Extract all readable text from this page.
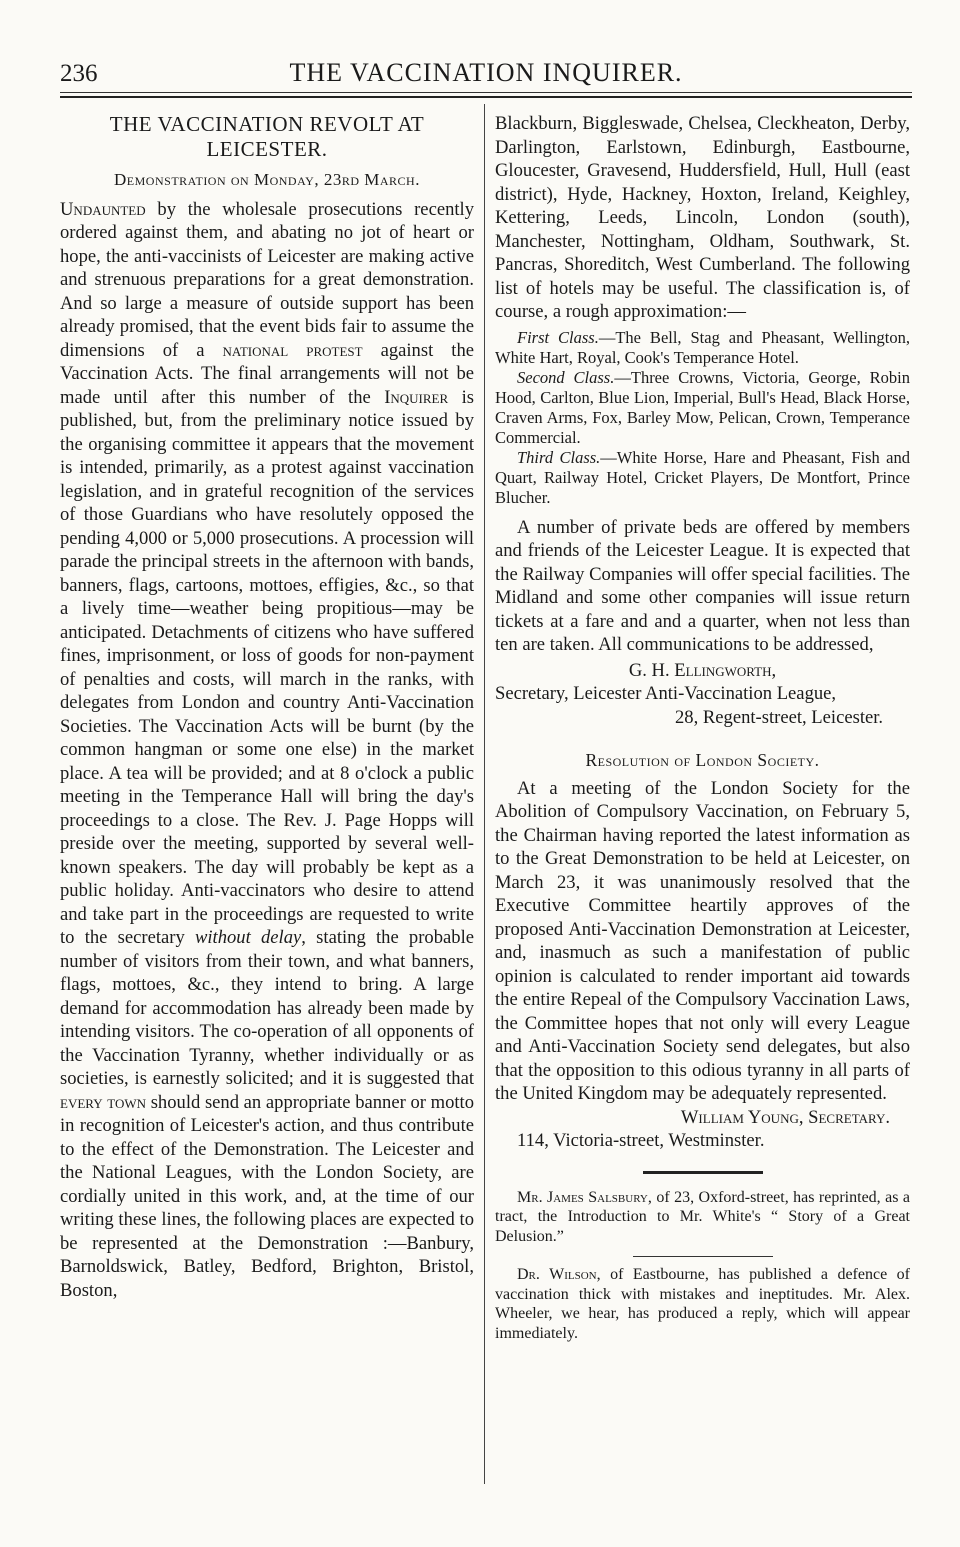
236	THE VACCINATION INQUIRER.
THE VACCINATION REVOLT AT
LEICESTER.
Demonstration on Monday, 23rd March.

Undaunted by the wholesale prosecutions recently ordered against them, and abating no jot of heart or hope, the anti-vaccinists of Leicester are making active and strenuous preparations for a great demonstration. And so large a measure of outside support has been already promised, that the event bids fair to assume the dimensions of a national protest against the Vaccination Acts. The final arrangements will not be made until after this number of the Inquirer is published, but, from the preliminary notice issued by the organising committee it appears that the movement is intended, primarily, as a protest against vaccination legislation, and in grateful recognition of the services of those Guardians who have resolutely opposed the pending 4,000 or 5,000 prosecutions. A procession will parade the principal streets in the afternoon with bands, banners, flags, cartoons, mottoes, effigies, &c., so that a lively time—weather being propitious—may be anticipated. Detachments of citizens who have suffered fines, imprisonment, or loss of goods for non-payment of penalties and costs, will march in the ranks, with delegates from London and country Anti-Vaccination Societies. The Vaccination Acts will be burnt (by the common hangman or some one else) in the market place. A tea will be provided; and at 8 o'clock a public meeting in the Temperance Hall will bring the day's proceedings to a close. The Rev. J. Page Hopps will preside over the meeting, supported by several well-known speakers. The day will probably be kept as a public holiday. Anti-vaccinators who desire to attend and take part in the proceedings are requested to write to the secretary without delay, stating the probable number of visitors from their town, and what banners, flags, mottoes, &c., they intend to bring. A large demand for accommodation has already been made by intending visitors. The co-operation of all opponents of the Vaccination Tyranny, whether individually or as societies, is earnestly solicited; and it is suggested that every town should send an appropriate banner or motto in recognition of Leicester's action, and thus contribute to the effect of the Demonstration. The Leicester and the National Leagues, with the London Society, are cordially united in this work, and, at the time of our writing these lines, the following places are expected to be represented at the Demonstration :—Banbury, Barnoldswick, Batley, Bedford, Brighton, Bristol, Boston,

Blackburn, Biggleswade, Chelsea, Cleckheaton, Derby, Darlington, Earlstown, Edinburgh, Eastbourne, Gloucester, Gravesend, Huddersfield, Hull, Hull (east district), Hyde, Hackney, Hoxton, Ireland, Keighley, Kettering, Leeds, Lincoln, London (south), Manchester, Nottingham, Oldham, Southwark, St. Pancras, Shoreditch, West Cumberland. The following list of hotels may be useful. The classification is, of course, a rough approximation:—

First Class.—The Bell, Stag and Pheasant, Wellington, White Hart, Royal, Cook's Temperance Hotel.

Second Class.—Three Crowns, Victoria, George, Robin Hood, Carlton, Blue Lion, Imperial, Bull's Head, Black Horse, Craven Arms, Fox, Barley Mow, Pelican, Crown, Temperance Commercial.

Third Class.—White Horse, Hare and Pheasant, Fish and Quart, Railway Hotel, Cricket Players, De Montfort, Prince Blucher.

A number of private beds are offered by members and friends of the Leicester League. It is expected that the Railway Companies will offer special facilities. The Midland and some other companies will issue return tickets at a fare and and a quarter, when not less than ten are taken. All communications to be addressed,

G. H. Ellingworth,
Secretary, Leicester Anti-Vaccination League,
28, Regent-street, Leicester.
Resolution of London Society.

At a meeting of the London Society for the Abolition of Compulsory Vaccination, on February 5, the Chairman having reported the latest information as to the Great Demonstration to be held at Leicester, on March 23, it was unanimously resolved that the Executive Committee heartily approves of the proposed Anti-Vaccination Demonstration at Leicester, and, inasmuch as such a manifestation of public opinion is calculated to render important aid towards the entire Repeal of the Compulsory Vaccination Laws, the Committee hopes that not only will every League and Anti-Vaccination Society send delegates, but also that the opposition to this odious tyranny in all parts of the United Kingdom may be adequately represented.

William Young, Secretary.
114, Victoria-street, Westminster.

Mr. James Salsbury, of 23, Oxford-street, has reprinted, as a tract, the Introduction to Mr. White's “ Story of a Great Delusion.”

Dr. Wilson, of Eastbourne, has published a defence of vaccination thick with mistakes and ineptitudes. Mr. Alex. Wheeler, we hear, has produced a reply, which will appear immediately.
